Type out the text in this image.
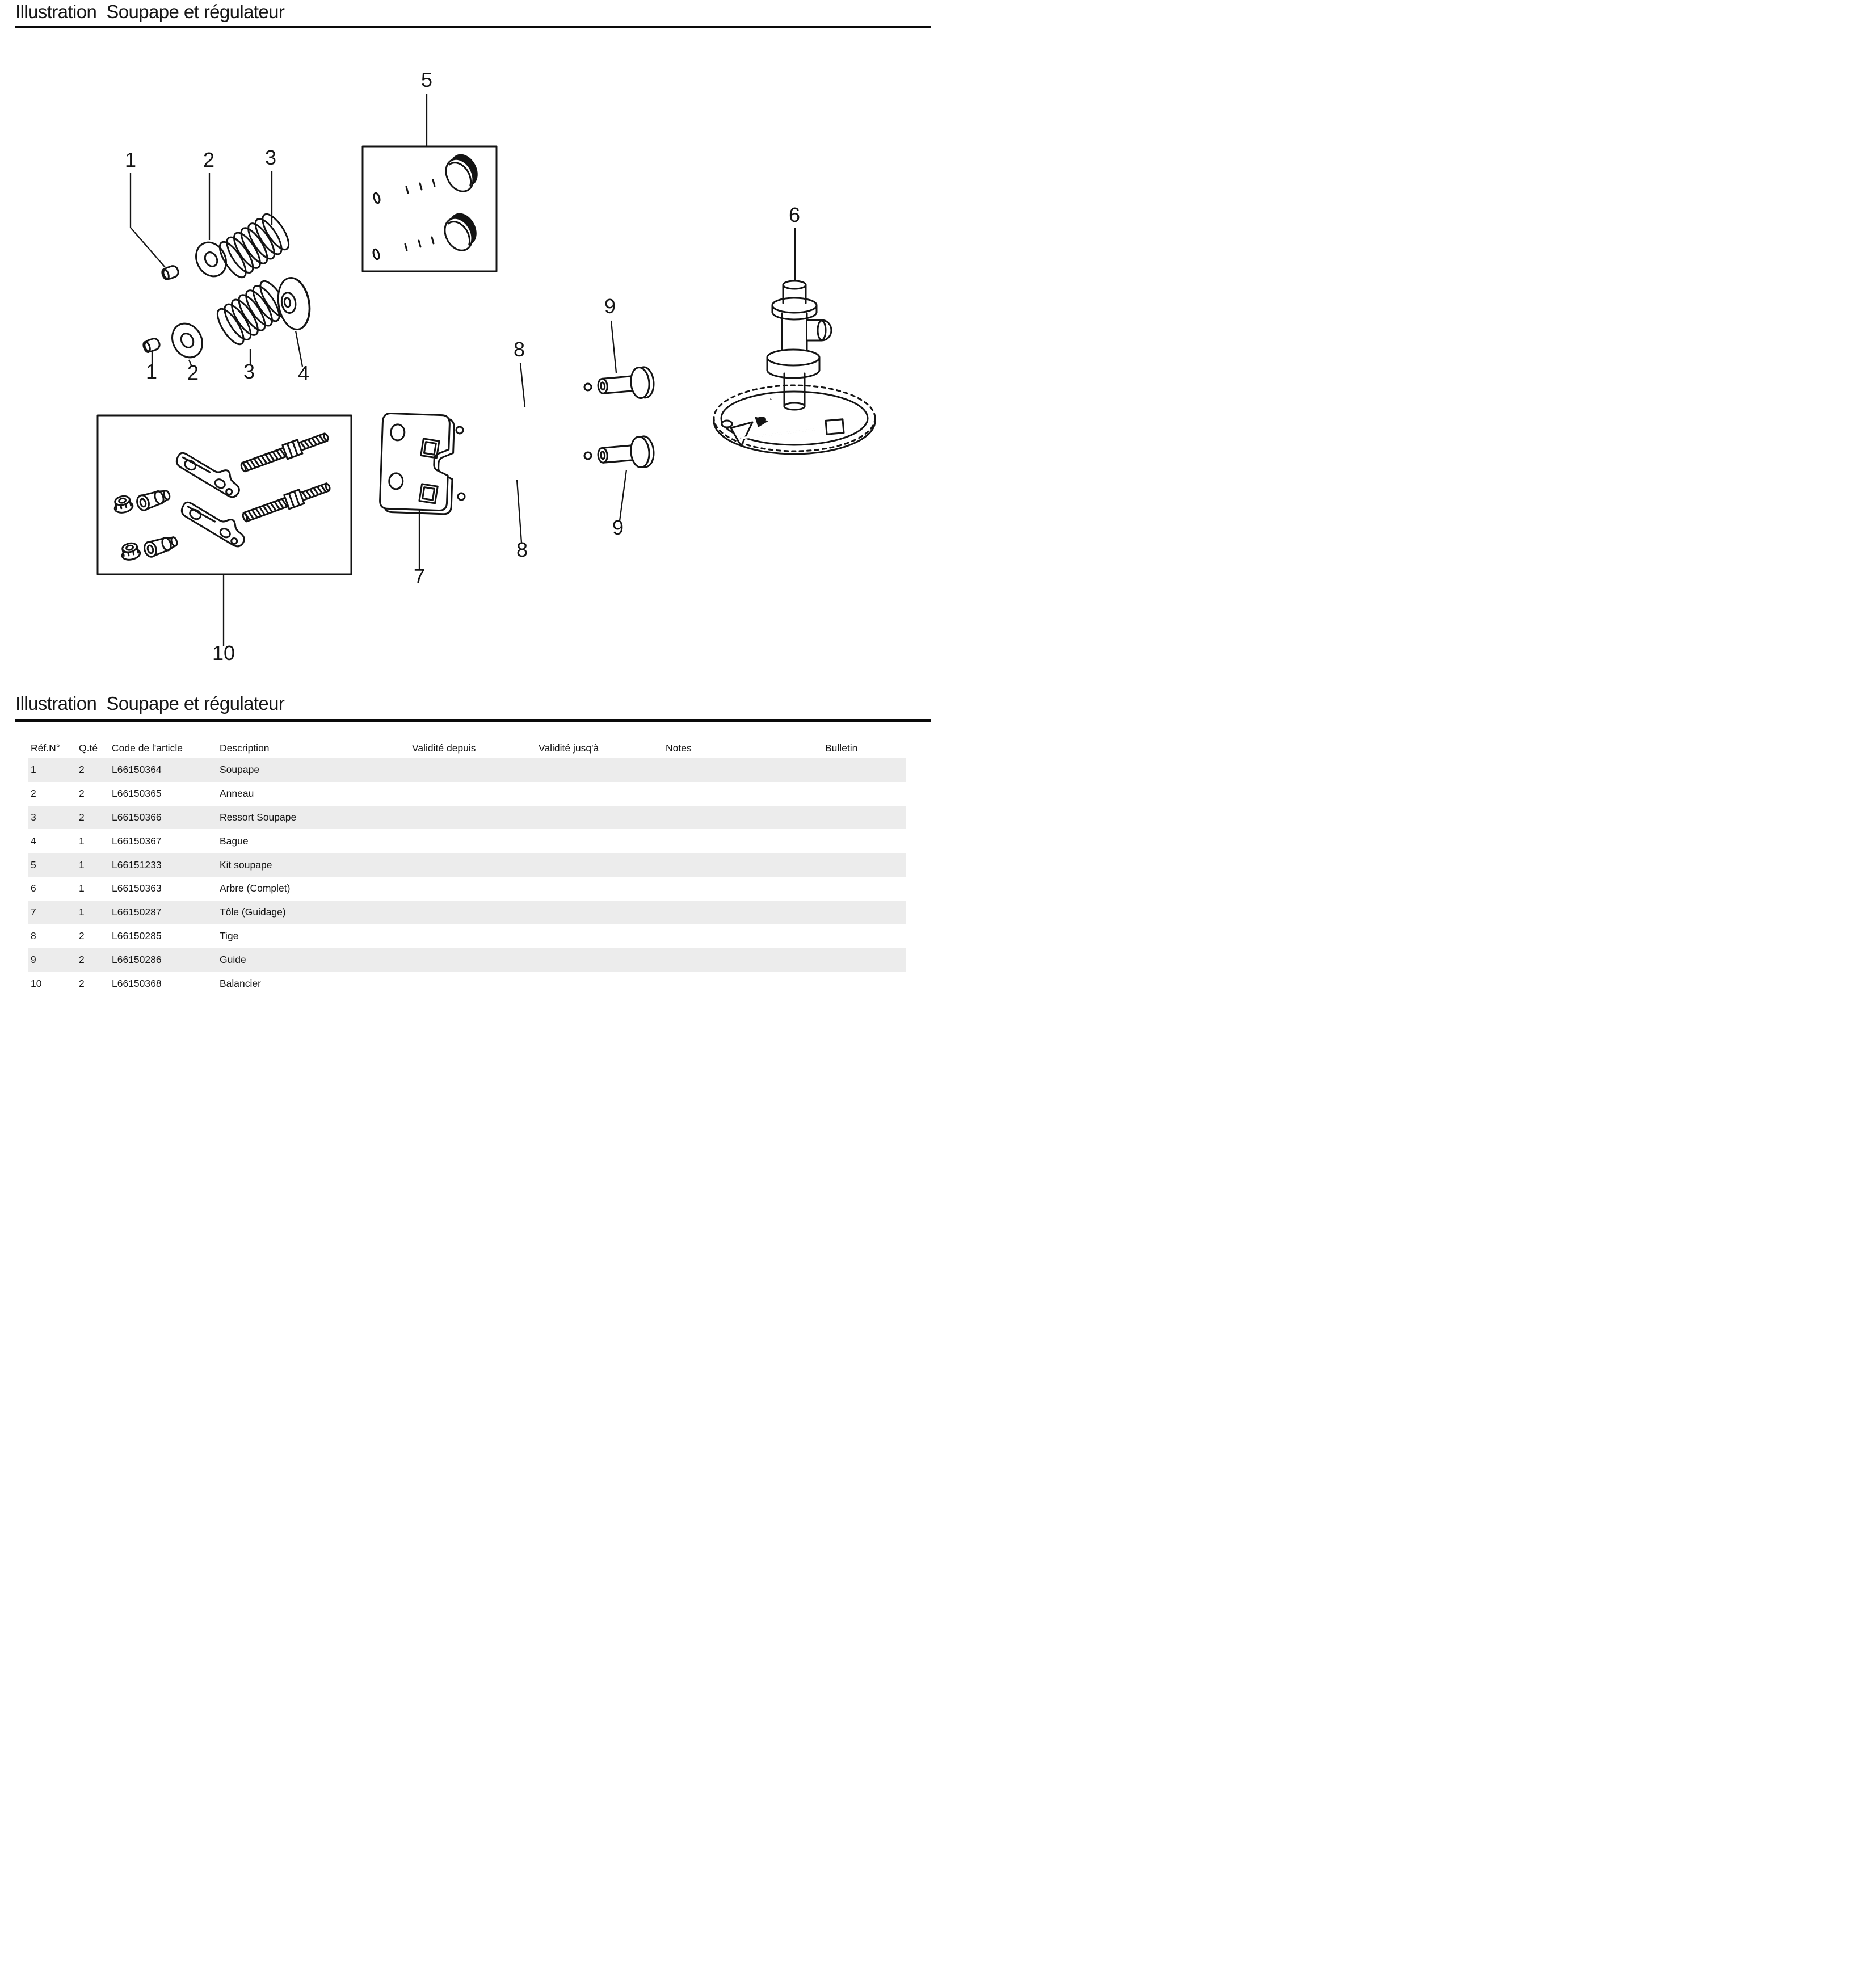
Illustration  Soupape et régulateur
1	2 3
1 2 3 4
5
6
7
8
8
9
9
10
Illustration  Soupape et régulateur
Réf.N°	Q.té	Code de l'article	Description	Validité depuis	Validité jusq'à	Notes	Bulletin
1	2	L66150364	Soupape
2	2	L66150365	Anneau
3	2	L66150366	Ressort Soupape
4	1	L66150367	Bague
5	1	L66151233	Kit soupape
6	1	L66150363	Arbre (Complet)
7	1	L66150287	Tôle (Guidage)
8	2	L66150285	Tige
9	2	L66150286	Guide
10	2	L66150368	Balancier
